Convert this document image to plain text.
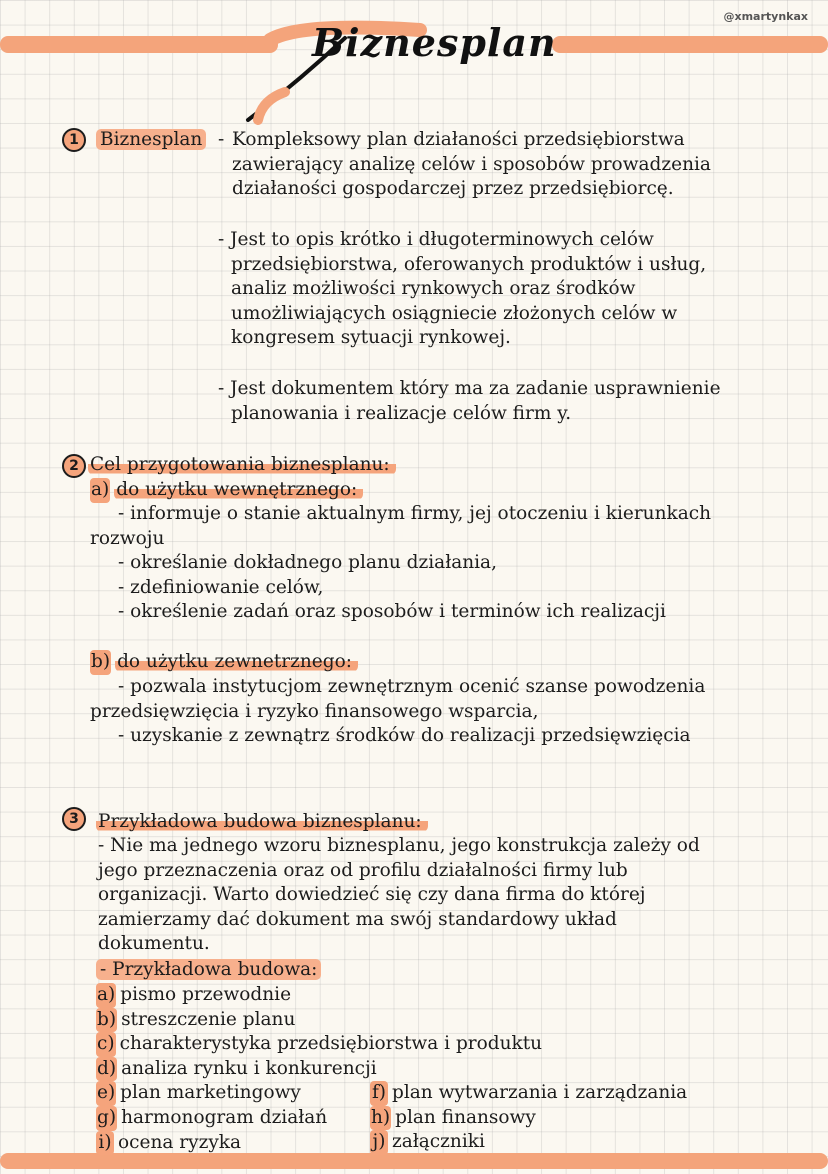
@xmartynkax
Biznesplan
1	Biznesplan - Kompleksowy plan działaności przedsiębiorstwa
zawierający analizę celów i sposobów prowadzenia
działaności gospodarczej przez przedsiębiorcę.
- Jest to opis krótko i długoterminowych celów
przedsiębiorstwa, oferowanych produktów i usług,
analiz możliwości rynkowych oraz środków
umożliwiających osiągniecie złożonych celów w
kongresem sytuacji rynkowej.
- Jest dokumentem który ma za zadanie usprawnienie
planowania i realizacje celów firm y.
2 Cel przygotowania biznesplanu:
a) do użytku wewnętrznego:
- informuje o stanie aktualnym firmy, jej otoczeniu i kierunkach
rozwoju
- określanie dokładnego planu działania,
- zdefiniowanie celów,
- określenie zadań oraz sposobów i terminów ich realizacji
b) do użytku zewnetrznego:
- pozwala instytucjom zewnętrznym ocenić szanse powodzenia
przedsięwzięcia i ryzyko finansowego wsparcia,
- uzyskanie z zewnątrz środków do realizacji przedsięwzięcia
3	Przykładowa budowa biznesplanu:
- Nie ma jednego wzoru biznesplanu, jego konstrukcja zależy od
jego przeznaczenia oraz od profilu działalności firmy lub
organizacji. Warto dowiedzieć się czy dana firma do której
zamierzamy dać dokument ma swój standardowy układ
dokumentu.
- Przykładowa budowa:
a) pismo przewodnie
b) streszczenie planu
c) charakterystyka przedsiębiorstwa i produktu
d) analiza rynku i konkurencji
e) plan marketingowy
g) harmonogram działań
i) ocena ryzyka
f) plan wytwarzania i zarządzania
h) plan finansowy
j) załączniki
